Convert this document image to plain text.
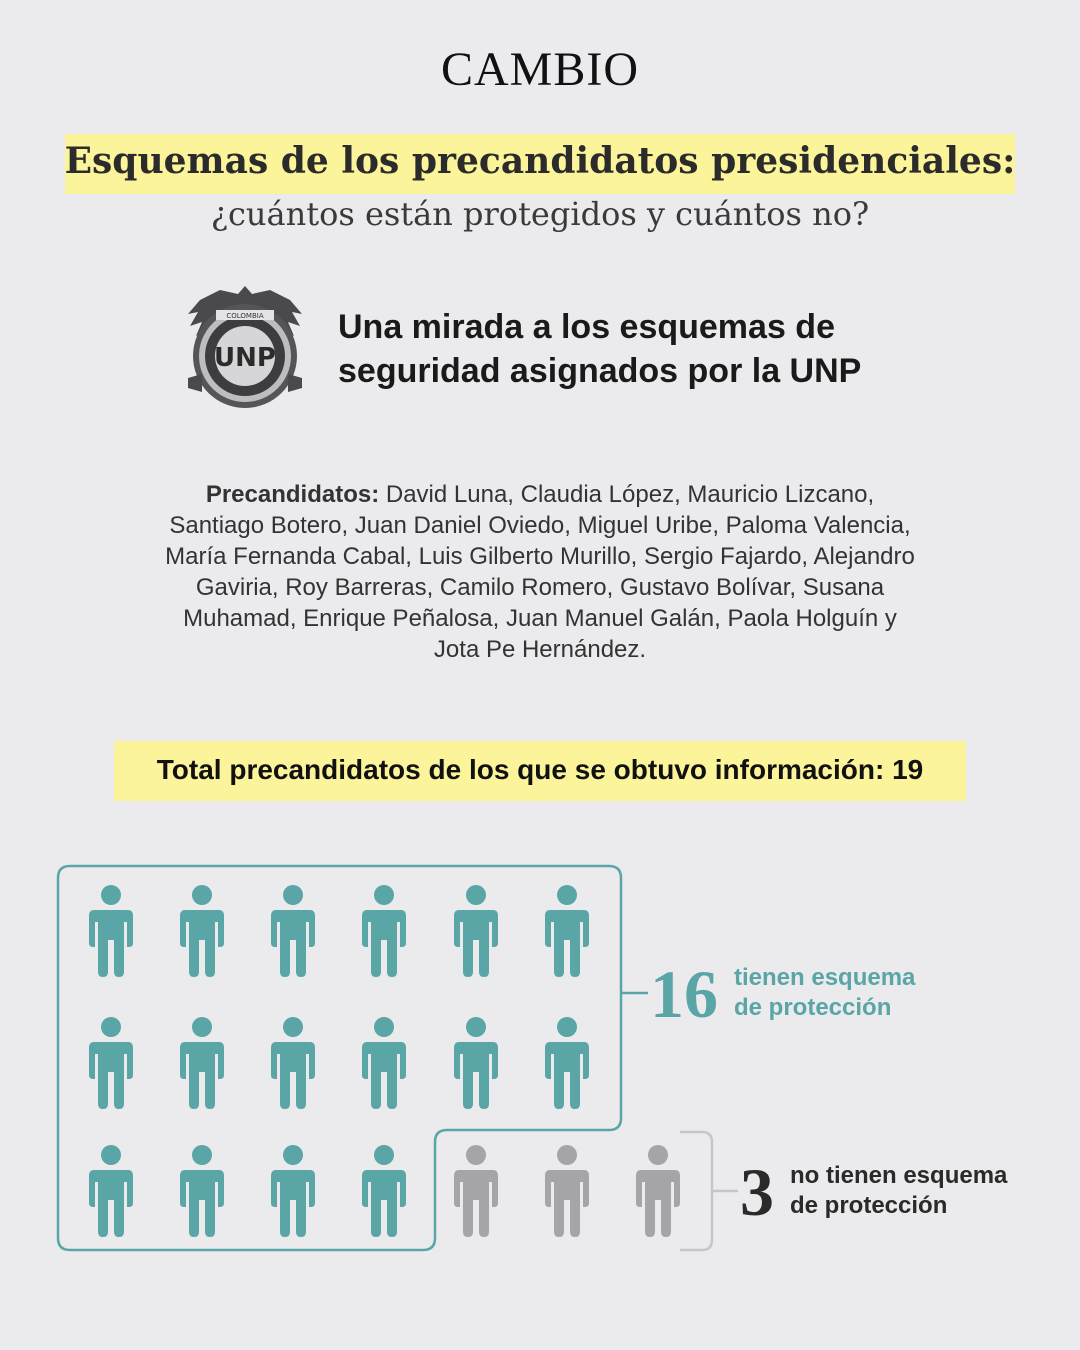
CAMBIO
Esquemas de los precandidatos presidenciales:
¿cuántos están protegidos y cuántos no?
COLOMBIA
UNP
Una mirada a los esquemas de
seguridad asignados por la UNP
Precandidatos: David Luna, Claudia López, Mauricio Lizcano, Santiago Botero, Juan Daniel Oviedo, Miguel Uribe, Paloma Valencia, María Fernanda Cabal, Luis Gilberto Murillo, Sergio Fajardo, Alejandro Gaviria, Roy Barreras, Camilo Romero, Gustavo Bolívar, Susana Muhamad, Enrique Peñalosa, Juan Manuel Galán, Paola Holguín y Jota Pe Hernández.
Total precandidatos de los que se obtuvo información: 19
16 tienen esquema
de protección
3 no tienen esquema
de protección
